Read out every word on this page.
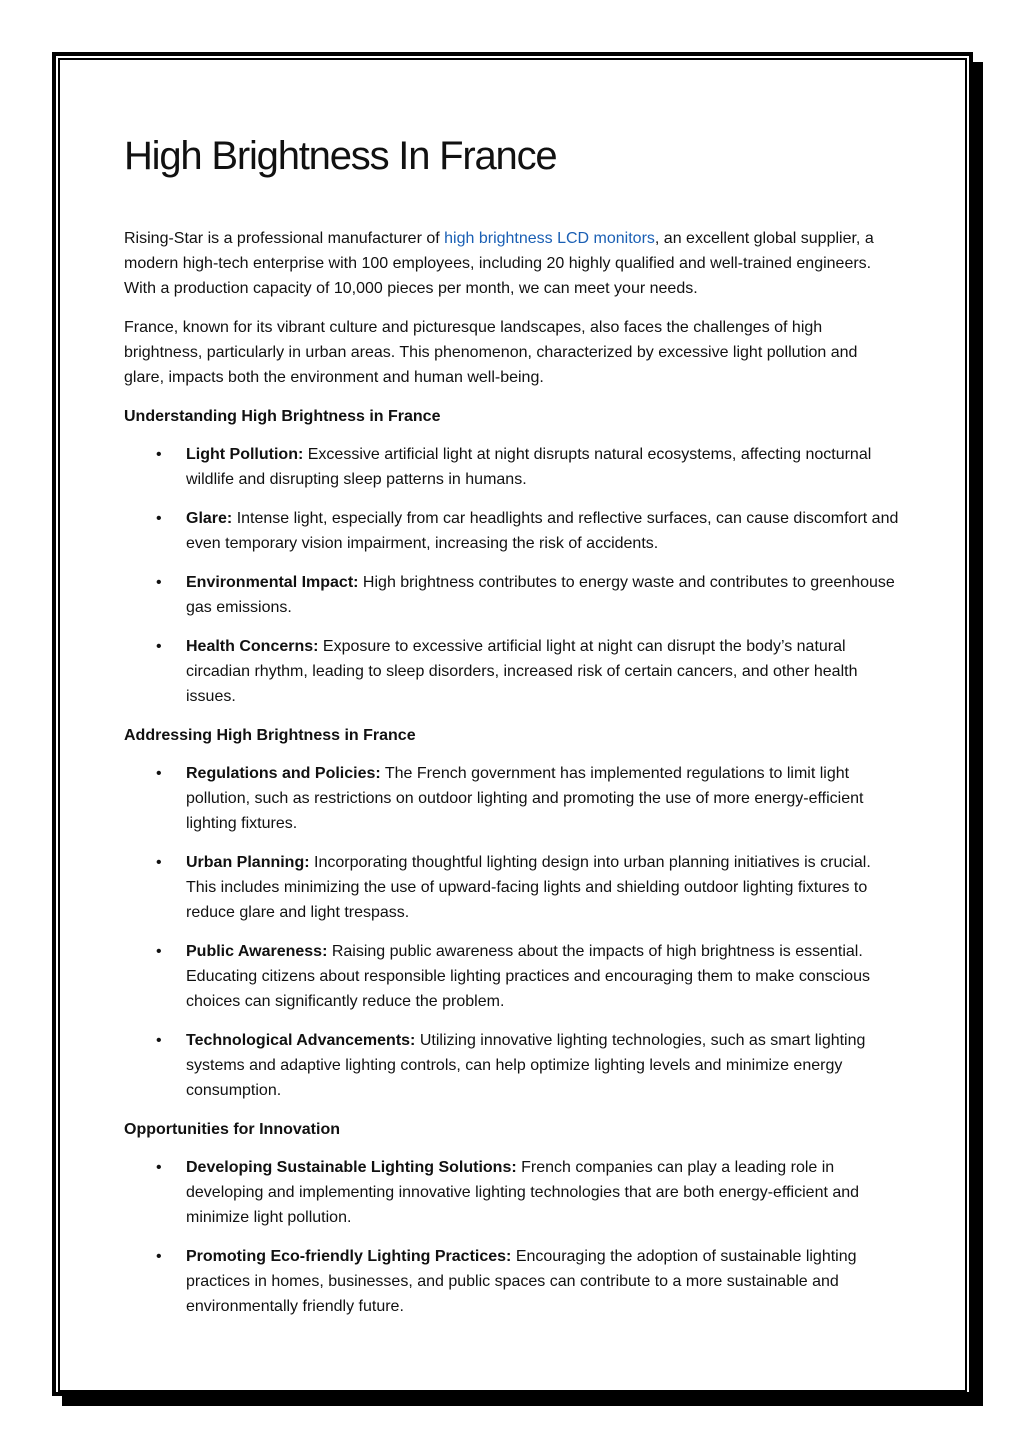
High Brightness In France

Rising-Star is a professional manufacturer of high brightness LCD monitors, an excellent global supplier, a modern high-tech enterprise with 100 employees, including 20 highly qualified and well-trained engineers. With a production capacity of 10,000 pieces per month, we can meet your needs.

France, known for its vibrant culture and picturesque landscapes, also faces the challenges of high brightness, particularly in urban areas. This phenomenon, characterized by excessive light pollution and glare, impacts both the environment and human well-being.

Understanding High Brightness in France
• Light Pollution: Excessive artificial light at night disrupts natural ecosystems, affecting nocturnal wildlife and disrupting sleep patterns in humans.
• Glare: Intense light, especially from car headlights and reflective surfaces, can cause discomfort and even temporary vision impairment, increasing the risk of accidents.
• Environmental Impact: High brightness contributes to energy waste and contributes to greenhouse gas emissions.
• Health Concerns: Exposure to excessive artificial light at night can disrupt the body’s natural circadian rhythm, leading to sleep disorders, increased risk of certain cancers, and other health issues.
Addressing High Brightness in France
• Regulations and Policies: The French government has implemented regulations to limit light pollution, such as restrictions on outdoor lighting and promoting the use of more energy-efficient lighting fixtures.
• Urban Planning: Incorporating thoughtful lighting design into urban planning initiatives is crucial. This includes minimizing the use of upward-facing lights and shielding outdoor lighting fixtures to reduce glare and light trespass.
• Public Awareness: Raising public awareness about the impacts of high brightness is essential. Educating citizens about responsible lighting practices and encouraging them to make conscious choices can significantly reduce the problem.
• Technological Advancements: Utilizing innovative lighting technologies, such as smart lighting systems and adaptive lighting controls, can help optimize lighting levels and minimize energy consumption.
Opportunities for Innovation
• Developing Sustainable Lighting Solutions: French companies can play a leading role in developing and implementing innovative lighting technologies that are both energy-efficient and minimize light pollution.
• Promoting Eco-friendly Lighting Practices: Encouraging the adoption of sustainable lighting practices in homes, businesses, and public spaces can contribute to a more sustainable and environmentally friendly future.
